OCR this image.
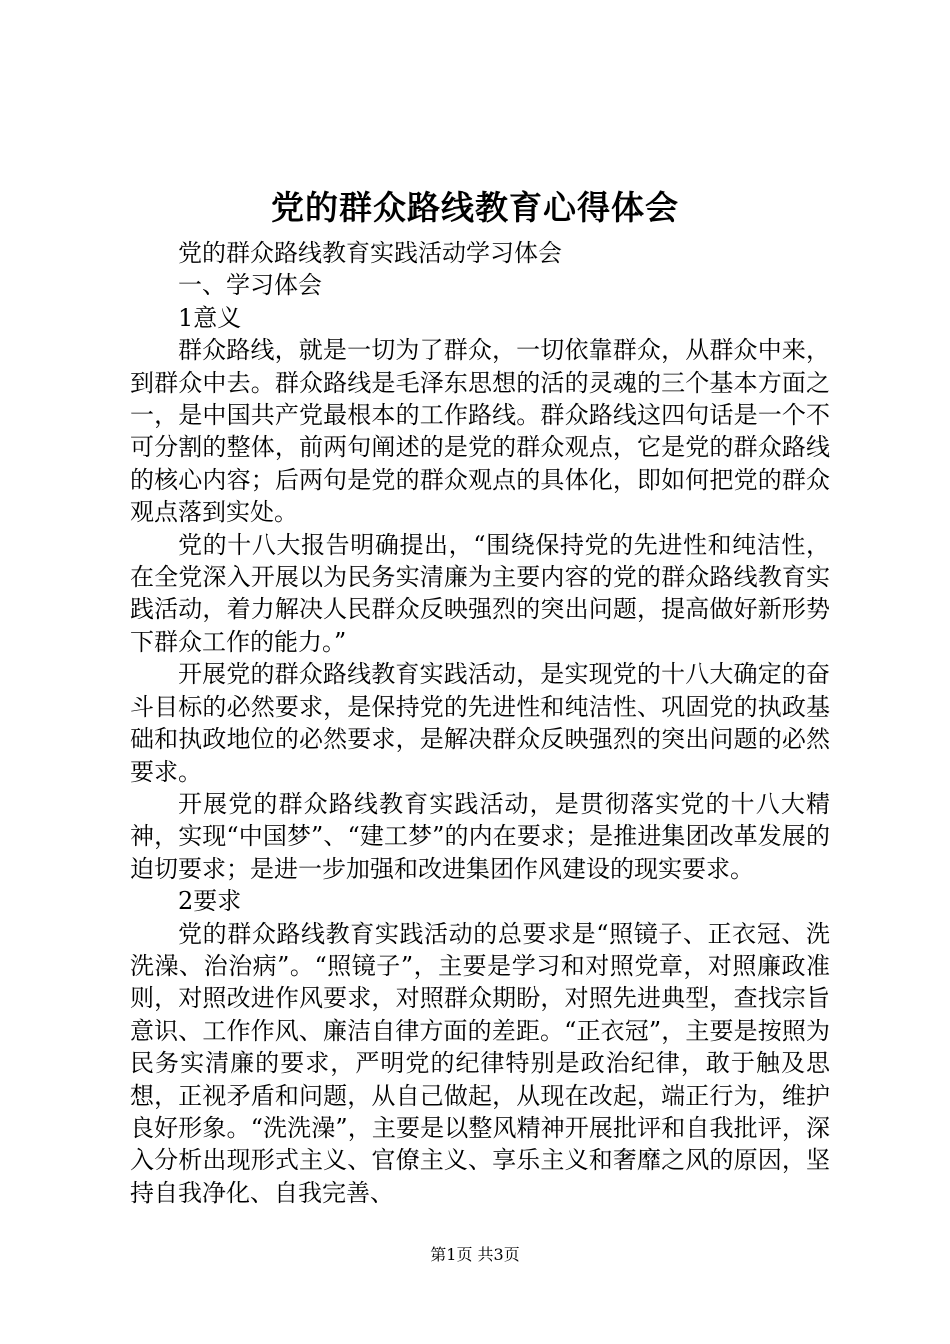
党的群众路线教育心得体会

党的群众路线教育实践活动学习体会

一、学习体会

1意义

群众路线，就是一切为了群众，一切依靠群众，从群众中来，到群众中去。群众路线是毛泽东思想的活的灵魂的三个基本方面之一，是中国共产党最根本的工作路线。群众路线这四句话是一个不可分割的整体，前两句阐述的是党的群众观点，它是党的群众路线的核心内容；后两句是党的群众观点的具体化，即如何把党的群众观点落到实处。

党的十八大报告明确提出，“围绕保持党的先进性和纯洁性，在全党深入开展以为民务实清廉为主要内容的党的群众路线教育实践活动，着力解决人民群众反映强烈的突出问题，提高做好新形势下群众工作的能力。”

开展党的群众路线教育实践活动，是实现党的十八大确定的奋斗目标的必然要求，是保持党的先进性和纯洁性、巩固党的执政基础和执政地位的必然要求，是解决群众反映强烈的突出问题的必然要求。

开展党的群众路线教育实践活动，是贯彻落实党的十八大精神，实现“中国梦”、“建工梦”的内在要求；是推进集团改革发展的迫切要求；是进一步加强和改进集团作风建设的现实要求。

2要求

党的群众路线教育实践活动的总要求是“照镜子、正衣冠、洗洗澡、治治病”。“照镜子”，主要是学习和对照党章，对照廉政准则，对照改进作风要求，对照群众期盼，对照先进典型，查找宗旨意识、工作作风、廉洁自律方面的差距。“正衣冠”，主要是按照为民务实清廉的要求，严明党的纪律特别是政治纪律，敢于触及思想，正视矛盾和问题，从自己做起，从现在改起，端正行为，维护良好形象。“洗洗澡”，主要是以整风精神开展批评和自我批评，深入分析出现形式主义、官僚主义、享乐主义和奢靡之风的原因，坚持自我净化、自我完善、

第1页 共3页
